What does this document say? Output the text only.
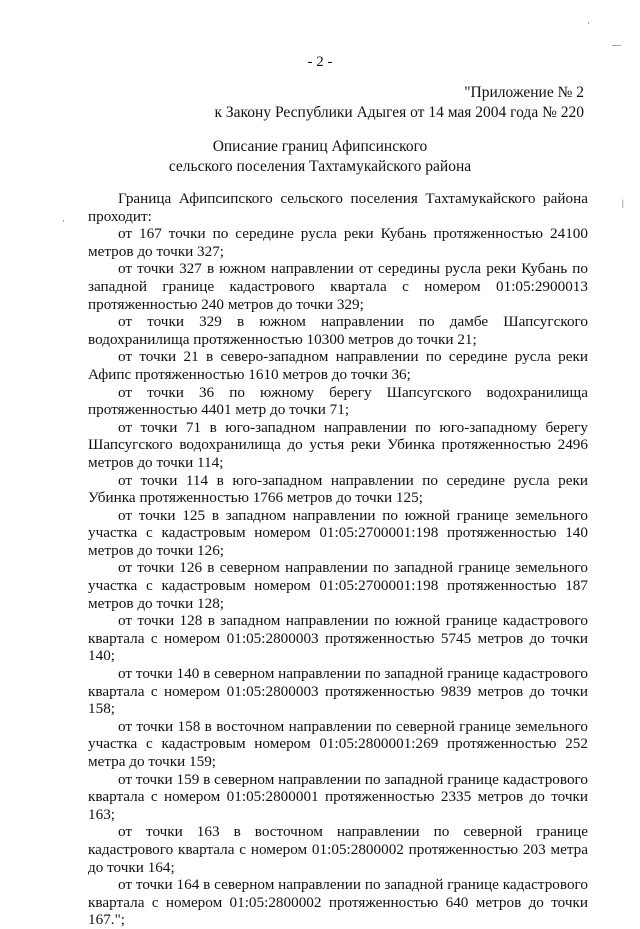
- 2 -
"Приложение № 2
к Закону Республики Адыгея от 14 мая 2004 года № 220
Описание границ Афипсинского
сельского поселения Тахтамукайского района

Граница Афипсипского сельского поселения Тахтамукайского района проходит:

от 167 точки по середине русла реки Кубань протяженностью 24100 метров до точки 327;

от точки 327 в южном направлении от середины русла реки Кубань по западной границе кадастрового квартала с номером 01:05:2900013 протяженностью 240 метров до точки 329;

от точки 329 в южном направлении по дамбе Шапсугского водохранилища протяженностью 10300 метров до точки 21;

от точки 21 в северо-западном направлении по середине русла реки Афипс протяженностью 1610 метров до точки 36;

от точки 36 по южному берегу Шапсугского водохранилища протяженностью 4401 метр до точки 71;

от точки 71 в юго-западном направлении по юго-западному берегу Шапсугского водохранилища до устья реки Убинка протяженностью 2496 метров до точки 114;

от точки 114 в юго-западном направлении по середине русла реки Убинка протяженностью 1766 метров до точки 125;

от точки 125 в западном направлении по южной границе земельного участка с кадастровым номером 01:05:2700001:198 протяженностью 140 метров до точки 126;

от точки 126 в северном направлении по западной границе земельного участка с кадастровым номером 01:05:2700001:198 протяженностью 187 метров до точки 128;

от точки 128 в западном направлении по южной границе кадастрового квартала с номером 01:05:2800003 протяженностью 5745 метров до точки 140;

от точки 140 в северном направлении по западной границе кадастрового квартала с номером 01:05:2800003 протяженностью 9839 метров до точки 158;

от точки 158 в восточном направлении по северной границе земельного участка с кадастровым номером 01:05:2800001:269 протяженностью 252 метра до точки 159;

от точки 159 в северном направлении по западной границе кадастрового квартала с номером 01:05:2800001 протяженностью 2335 метров до точки 163;

от точки 163 в восточном направлении по северной границе кадастрового квартала с номером 01:05:2800002 протяженностью 203 метра до точки 164;

от точки 164 в северном направлении по западной границе кадастрового квартала с номером 01:05:2800002 протяженностью 640 метров до точки 167.";

·
—
|
·
